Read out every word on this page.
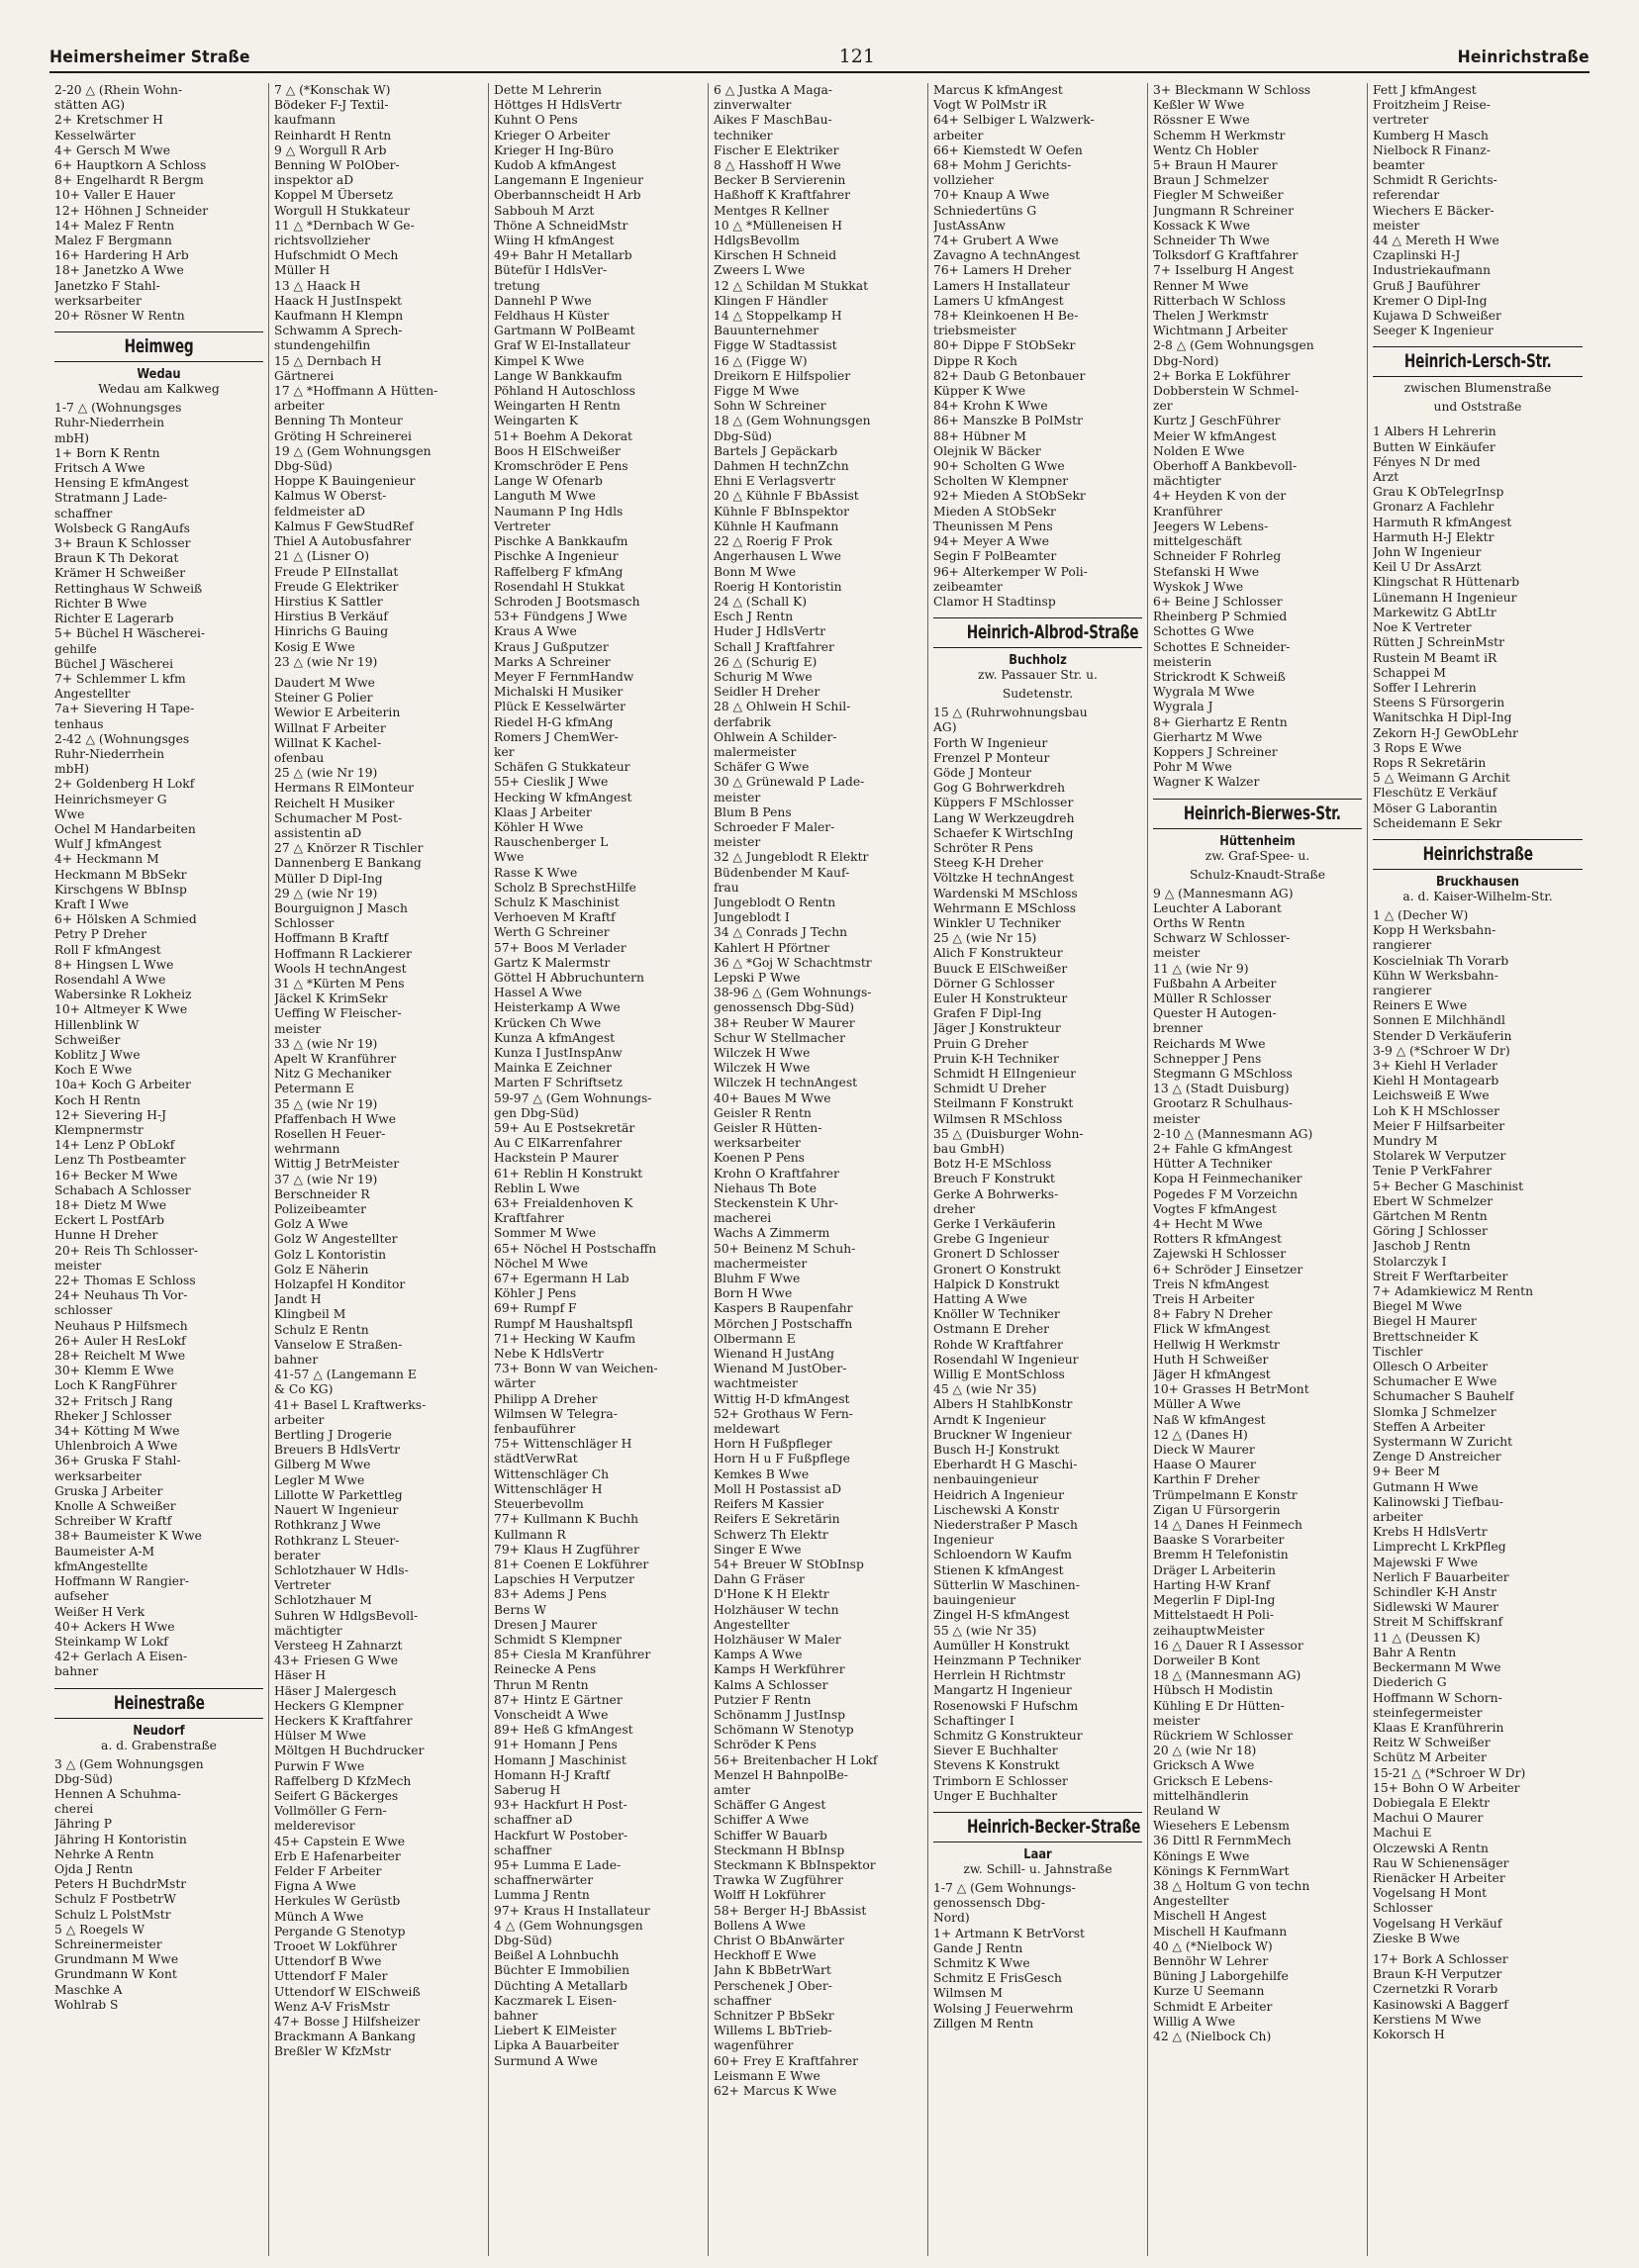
Heimersheimer Straße	121	Heinrichstraße
2-20 △ (Rhein Wohn-
stätten AG)
2+ Kretschmer H
Kesselwärter
4+ Gersch M Wwe
6+ Hauptkorn A Schloss
8+ Engelhardt R Bergm
10+ Valler E Hauer
12+ Höhnen J Schneider
14+ Malez F Rentn
Malez F Bergmann
16+ Hardering H Arb
18+ Janetzko A Wwe
Janetzko F Stahl-
werksarbeiter
20+ Rösner W Rentn
Heimweg
Wedau
Wedau am Kalkweg
1-7 △ (Wohnungsges
Ruhr-Niederrhein
mbH)
1+ Born K Rentn
Fritsch A Wwe
Hensing E kfmAngest
Stratmann J Lade-
schaffner
Wolsbeck G RangAufs
3+ Braun K Schlosser
Braun K Th Dekorat
Krämer H Schweißer
Rettinghaus W Schweiß
Richter B Wwe
Richter E Lagerarb
5+ Büchel H Wäscherei-
gehilfe
Büchel J Wäscherei
7+ Schlemmer L kfm
Angestellter
7a+ Sievering H Tape-
tenhaus
2-42 △ (Wohnungsges
Ruhr-Niederrhein
mbH)
2+ Goldenberg H Lokf
Heinrichsmeyer G
Wwe
Ochel M Handarbeiten
Wulf J kfmAngest
4+ Heckmann M
Heckmann M BbSekr
Kirschgens W BbInsp
Kraft I Wwe
6+ Hölsken A Schmied
Petry P Dreher
Roll F kfmAngest
8+ Hingsen L Wwe
Rosendahl A Wwe
Wabersinke R Lokheiz
10+ Altmeyer K Wwe
Hillenblink W
Schweißer
Koblitz J Wwe
Koch E Wwe
10a+ Koch G Arbeiter
Koch H Rentn
12+ Sievering H-J
Klempnermstr
14+ Lenz P ObLokf
Lenz Th Postbeamter
16+ Becker M Wwe
Schabach A Schlosser
18+ Dietz M Wwe
Eckert L PostfArb
Hunne H Dreher
20+ Reis Th Schlosser-
meister
22+ Thomas E Schloss
24+ Neuhaus Th Vor-
schlosser
Neuhaus P Hilfsmech
26+ Auler H ResLokf
28+ Reichelt M Wwe
30+ Klemm E Wwe
Loch K RangFührer
32+ Fritsch J Rang
Rheker J Schlosser
34+ Kötting M Wwe
Uhlenbroich A Wwe
36+ Gruska F Stahl-
werksarbeiter
Gruska J Arbeiter
Knolle A Schweißer
Schreiber W Kraftf
38+ Baumeister K Wwe
Baumeister A-M
kfmAngestellte
Hoffmann W Rangier-
aufseher
Weißer H Verk
40+ Ackers H Wwe
Steinkamp W Lokf
42+ Gerlach A Eisen-
bahner
Heinestraße
Neudorf
a. d. Grabenstraße
3 △ (Gem Wohnungsgen
Dbg-Süd)
Hennen A Schuhma-
cherei
Jähring P
Jähring H Kontoristin
Nehrke A Rentn
Ojda J Rentn
Peters H BuchdrMstr
Schulz F PostbetrW
Schulz L PolstMstr
5 △ Roegels W
Schreinermeister
Grundmann M Wwe
Grundmann W Kont
Maschke A
Wohlrab S
7 △ (*Konschak W)
Bödeker F-J Textil-
kaufmann
Reinhardt H Rentn
9 △ Worgull R Arb
Benning W PolOber-
inspektor aD
Koppel M Übersetz
Worgull H Stukkateur
11 △ *Dernbach W Ge-
richtsvollzieher
Hufschmidt O Mech
Müller H
13 △ Haack H
Haack H JustInspekt
Kaufmann H Klempn
Schwamm A Sprech-
stundengehilfin
15 △ Dernbach H
Gärtnerei
17 △ *Hoffmann A Hütten-
arbeiter
Benning Th Monteur
Gröting H Schreinerei
19 △ (Gem Wohnungsgen
Dbg-Süd)
Hoppe K Bauingenieur
Kalmus W Oberst-
feldmeister aD
Kalmus F GewStudRef
Thiel A Autobusfahrer
21 △ (Lisner O)
Freude P ElInstallat
Freude G Elektriker
Hirstius K Sattler
Hirstius B Verkäuf
Hinrichs G Bauing
Kosig E Wwe
23 △ (wie Nr 19)
Daudert M Wwe
Steiner G Polier
Wewior E Arbeiterin
Willnat F Arbeiter
Willnat K Kachel-
ofenbau
25 △ (wie Nr 19)
Hermans R ElMonteur
Reichelt H Musiker
Schumacher M Post-
assistentin aD
27 △ Knörzer R Tischler
Dannenberg E Bankang
Müller D Dipl-Ing
29 △ (wie Nr 19)
Bourguignon J Masch
Schlosser
Hoffmann B Kraftf
Hoffmann R Lackierer
Wools H technAngest
31 △ *Kürten M Pens
Jäckel K KrimSekr
Ueffing W Fleischer-
meister
33 △ (wie Nr 19)
Apelt W Kranführer
Nitz G Mechaniker
Petermann E
35 △ (wie Nr 19)
Pfaffenbach H Wwe
Rosellen H Feuer-
wehrmann
Wittig J BetrMeister
37 △ (wie Nr 19)
Berschneider R
Polizeibeamter
Golz A Wwe
Golz W Angestellter
Golz L Kontoristin
Golz E Näherin
Holzapfel H Konditor
Jandt H
Klingbeil M
Schulz E Rentn
Vanselow E Straßen-
bahner
41-57 △ (Langemann E
& Co KG)
41+ Basel L Kraftwerks-
arbeiter
Bertling J Drogerie
Breuers B HdlsVertr
Gilberg M Wwe
Legler M Wwe
Lillotte W Parkettleg
Nauert W Ingenieur
Rothkranz J Wwe
Rothkranz L Steuer-
berater
Schlotzhauer W Hdls-
Vertreter
Schlotzhauer M
Suhren W HdlgsBevoll-
mächtigter
Versteeg H Zahnarzt
43+ Friesen G Wwe
Häser H
Häser J Malergesch
Heckers G Klempner
Heckers K Kraftfahrer
Hülser M Wwe
Möltgen H Buchdrucker
Purwin F Wwe
Raffelberg D KfzMech
Seifert G Bäckerges
Vollmöller G Fern-
melderevisor
45+ Capstein E Wwe
Erb E Hafenarbeiter
Felder F Arbeiter
Figna A Wwe
Herkules W Gerüstb
Münch A Wwe
Pergande G Stenotyp
Trooet W Lokführer
Uttendorf B Wwe
Uttendorf F Maler
Uttendorf W ElSchweiß
Wenz A-V FrisMstr
47+ Bosse J Hilfsheizer
Brackmann A Bankang
Breßler W KfzMstr
Dette M Lehrerin
Höttges H HdlsVertr
Kuhnt O Pens
Krieger O Arbeiter
Krieger H Ing-Büro
Kudob A kfmAngest
Langemann E Ingenieur
Oberbannscheidt H Arb
Sabbouh M Arzt
Thöne A SchneidMstr
Wiing H kfmAngest
49+ Bahr H Metallarb
Bütefür I HdlsVer-
tretung
Dannehl P Wwe
Feldhaus H Küster
Gartmann W PolBeamt
Graf W El-Installateur
Kimpel K Wwe
Lange W Bankkaufm
Pöhland H Autoschloss
Weingarten H Rentn
Weingarten K
51+ Boehm A Dekorat
Boos H ElSchweißer
Kromschröder E Pens
Lange W Ofenarb
Languth M Wwe
Naumann P Ing Hdls
Vertreter
Pischke A Bankkaufm
Pischke A Ingenieur
Raffelberg F kfmAng
Rosendahl H Stukkat
Schroden J Bootsmasch
53+ Fündgens J Wwe
Kraus A Wwe
Kraus J Gußputzer
Marks A Schreiner
Meyer F FernmHandw
Michalski H Musiker
Plück E Kesselwärter
Riedel H-G kfmAng
Romers J ChemWer-
ker
Schäfen G Stukkateur
55+ Cieslik J Wwe
Hecking W kfmAngest
Klaas J Arbeiter
Köhler H Wwe
Rauschenberger L
Wwe
Rasse K Wwe
Scholz B SprechstHilfe
Schulz K Maschinist
Verhoeven M Kraftf
Werth G Schreiner
57+ Boos M Verlader
Gartz K Malermstr
Göttel H Abbruchuntern
Hassel A Wwe
Heisterkamp A Wwe
Krücken Ch Wwe
Kunza A kfmAngest
Kunza I JustInspAnw
Mainka E Zeichner
Marten F Schriftsetz
59-97 △ (Gem Wohnungs-
gen Dbg-Süd)
59+ Au E Postsekretär
Au C ElKarrenfahrer
Hackstein P Maurer
61+ Reblin H Konstrukt
Reblin L Wwe
63+ Freialdenhoven K
Kraftfahrer
Sommer M Wwe
65+ Nöchel H Postschaffn
Nöchel M Wwe
67+ Egermann H Lab
Köhler J Pens
69+ Rumpf F
Rumpf M Haushaltspfl
71+ Hecking W Kaufm
Nebe K HdlsVertr
73+ Bonn W van Weichen-
wärter
Philipp A Dreher
Wilmsen W Telegra-
fenbauführer
75+ Wittenschläger H
städtVerwRat
Wittenschläger Ch
Wittenschläger H
Steuerbevollm
77+ Kullmann K Buchh
Kullmann R
79+ Klaus H Zugführer
81+ Coenen E Lokführer
Lapschies H Verputzer
83+ Adems J Pens
Berns W
Dresen J Maurer
Schmidt S Klempner
85+ Ciesla M Kranführer
Reinecke A Pens
Thrun M Rentn
87+ Hintz E Gärtner
Vonscheidt A Wwe
89+ Heß G kfmAngest
91+ Homann J Pens
Homann J Maschinist
Homann H-J Kraftf
Saberug H
93+ Hackfurt H Post-
schaffner aD
Hackfurt W Postober-
schaffner
95+ Lumma E Lade-
schaffnerwärter
Lumma J Rentn
97+ Kraus H Installateur
4 △ (Gem Wohnungsgen
Dbg-Süd)
Beißel A Lohnbuchh
Büchter E Immobilien
Düchting A Metallarb
Kaczmarek L Eisen-
bahner
Liebert K ElMeister
Lipka A Bauarbeiter
Surmund A Wwe
6 △ Justka A Maga-
zinverwalter
Aikes F MaschBau-
techniker
Fischer E Elektriker
8 △ Hasshoff H Wwe
Becker B Servierenin
Haßhoff K Kraftfahrer
Mentges R Kellner
10 △ *Mülleneisen H
HdlgsBevollm
Kirschen H Schneid
Zweers L Wwe
12 △ Schildan M Stukkat
Klingen F Händler
14 △ Stoppelkamp H
Bauunternehmer
Figge W Stadtassist
16 △ (Figge W)
Dreikorn E Hilfspolier
Figge M Wwe
Sohn W Schreiner
18 △ (Gem Wohnungsgen
Dbg-Süd)
Bartels J Gepäckarb
Dahmen H technZchn
Ehni E Verlagsvertr
20 △ Kühnle F BbAssist
Kühnle F BbInspektor
Kühnle H Kaufmann
22 △ Roerig F Prok
Angerhausen L Wwe
Bonn M Wwe
Roerig H Kontoristin
24 △ (Schall K)
Esch J Rentn
Huder J HdlsVertr
Schall J Kraftfahrer
26 △ (Schurig E)
Schurig M Wwe
Seidler H Dreher
28 △ Ohlwein H Schil-
derfabrik
Ohlwein A Schilder-
malermeister
Schäfer G Wwe
30 △ Grünewald P Lade-
meister
Blum B Pens
Schroeder F Maler-
meister
32 △ Jungeblodt R Elektr
Büdenbender M Kauf-
frau
Jungeblodt O Rentn
Jungeblodt I
34 △ Conrads J Techn
Kahlert H Pförtner
36 △ *Goj W Schachtmstr
Lepski P Wwe
38-96 △ (Gem Wohnungs-
genossensch Dbg-Süd)
38+ Reuber W Maurer
Schur W Stellmacher
Wilczek H Wwe
Wilczek H Wwe
Wilczek H technAngest
40+ Baues M Wwe
Geisler R Rentn
Geisler R Hütten-
werksarbeiter
Koenen P Pens
Krohn O Kraftfahrer
Niehaus Th Bote
Steckenstein K Uhr-
macherei
Wachs A Zimmerm
50+ Beinenz M Schuh-
machermeister
Bluhm F Wwe
Born H Wwe
Kaspers B Raupenfahr
Mörchen J Postschaffn
Olbermann E
Wienand H JustAng
Wienand M JustOber-
wachtmeister
Wittig H-D kfmAngest
52+ Grothaus W Fern-
meldewart
Horn H Fußpfleger
Horn H u F Fußpflege
Kemkes B Wwe
Moll H Postassist aD
Reifers M Kassier
Reifers E Sekretärin
Schwerz Th Elektr
Singer E Wwe
54+ Breuer W StObInsp
Dahn G Fräser
D'Hone K H Elektr
Holzhäuser W techn
Angestellter
Holzhäuser W Maler
Kamps A Wwe
Kamps H Werkführer
Kalms A Schlosser
Putzier F Rentn
Schönamm J JustInsp
Schömann W Stenotyp
Schröder K Pens
56+ Breitenbacher H Lokf
Menzel H BahnpolBe-
amter
Schäffer G Angest
Schiffer A Wwe
Schiffer W Bauarb
Steckmann H BbInsp
Steckmann K BbInspektor
Trawka W Zugführer
Wolff H Lokführer
58+ Berger H-J BbAssist
Bollens A Wwe
Christ O BbAnwärter
Heckhoff E Wwe
Jahn K BbBetrWart
Perschenek J Ober-
schaffner
Schnitzer P BbSekr
Willems L BbTrieb-
wagenführer
60+ Frey E Kraftfahrer
Leismann E Wwe
62+ Marcus K Wwe
Marcus K kfmAngest
Vogt W PolMstr iR
64+ Selbiger L Walzwerk-
arbeiter
66+ Kiemstedt W Oefen
68+ Mohm J Gerichts-
vollzieher
70+ Knaup A Wwe
Schniedertüns G
JustAssAnw
74+ Grubert A Wwe
Zavagno A technAngest
76+ Lamers H Dreher
Lamers H Installateur
Lamers U kfmAngest
78+ Kleinkoenen H Be-
triebsmeister
80+ Dippe F StObSekr
Dippe R Koch
82+ Daub G Betonbauer
Küpper K Wwe
84+ Krohn K Wwe
86+ Manszke B PolMstr
88+ Hübner M
Olejnik W Bäcker
90+ Scholten G Wwe
Scholten W Klempner
92+ Mieden A StObSekr
Mieden A StObSekr
Theunissen M Pens
94+ Meyer A Wwe
Segin F PolBeamter
96+ Alterkemper W Poli-
zeibeamter
Clamor H Stadtinsp
Heinrich-Albrod-Straße
Buchholz
zw. Passauer Str. u.
Sudetenstr.
15 △ (Ruhrwohnungsbau
AG)
Forth W Ingenieur
Frenzel P Monteur
Göde J Monteur
Gog G Bohrwerkdreh
Küppers F MSchlosser
Lang W Werkzeugdreh
Schaefer K WirtschIng
Schröter R Pens
Steeg K-H Dreher
Völtzke H technAngest
Wardenski M MSchloss
Wehrmann E MSchloss
Winkler U Techniker
25 △ (wie Nr 15)
Alich F Konstrukteur
Buuck E ElSchweißer
Dörner G Schlosser
Euler H Konstrukteur
Grafen F Dipl-Ing
Jäger J Konstrukteur
Pruin G Dreher
Pruin K-H Techniker
Schmidt H ElIngenieur
Schmidt U Dreher
Steilmann F Konstrukt
Wilmsen R MSchloss
35 △ (Duisburger Wohn-
bau GmbH)
Botz H-E MSchloss
Breuch F Konstrukt
Gerke A Bohrwerks-
dreher
Gerke I Verkäuferin
Grebe G Ingenieur
Gronert D Schlosser
Gronert O Konstrukt
Halpick D Konstrukt
Hatting A Wwe
Knöller W Techniker
Ostmann E Dreher
Rohde W Kraftfahrer
Rosendahl W Ingenieur
Willig E MontSchloss
45 △ (wie Nr 35)
Albers H StahlbKonstr
Arndt K Ingenieur
Bruckner W Ingenieur
Busch H-J Konstrukt
Eberhardt H G Maschi-
nenbauingenieur
Heidrich A Ingenieur
Lischewski A Konstr
Niederstraßer P Masch
Ingenieur
Schloendorn W Kaufm
Stienen K kfmAngest
Sütterlin W Maschinen-
bauingenieur
Zingel H-S kfmAngest
55 △ (wie Nr 35)
Aumüller H Konstrukt
Heinzmann P Techniker
Herrlein H Richtmstr
Mangartz H Ingenieur
Rosenowski F Hufschm
Schaftinger I
Schmitz G Konstrukteur
Siever E Buchhalter
Stevens K Konstrukt
Trimborn E Schlosser
Unger E Buchhalter
Heinrich-Becker-Straße
Laar
zw. Schill- u. Jahnstraße
1-7 △ (Gem Wohnungs-
genossensch Dbg-
Nord)
1+ Artmann K BetrVorst
Gande J Rentn
Schmitz K Wwe
Schmitz E FrisGesch
Wilmsen M
Wolsing J Feuerwehrm
Zillgen M Rentn
3+ Bleckmann W Schloss
Keßler W Wwe
Rössner E Wwe
Schemm H Werkmstr
Wentz Ch Hobler
5+ Braun H Maurer
Braun J Schmelzer
Fiegler M Schweißer
Jungmann R Schreiner
Kossack K Wwe
Schneider Th Wwe
Tolksdorf G Kraftfahrer
7+ Isselburg H Angest
Renner M Wwe
Ritterbach W Schloss
Thelen J Werkmstr
Wichtmann J Arbeiter
2-8 △ (Gem Wohnungsgen
Dbg-Nord)
2+ Borka E Lokführer
Dobberstein W Schmel-
zer
Kurtz J GeschFührer
Meier W kfmAngest
Nolden E Wwe
Oberhoff A Bankbevoll-
mächtigter
4+ Heyden K von der
Kranführer
Jeegers W Lebens-
mittelgeschäft
Schneider F Rohrleg
Stefanski H Wwe
Wyskok J Wwe
6+ Beine J Schlosser
Rheinberg P Schmied
Schottes G Wwe
Schottes E Schneider-
meisterin
Strickrodt K Schweiß
Wygrala M Wwe
Wygrala J
8+ Gierhartz E Rentn
Gierhartz M Wwe
Koppers J Schreiner
Pohr M Wwe
Wagner K Walzer
Heinrich-Bierwes-Str.
Hüttenheim
zw. Graf-Spee- u.
Schulz-Knaudt-Straße
9 △ (Mannesmann AG)
Leuchter A Laborant
Orths W Rentn
Schwarz W Schlosser-
meister
11 △ (wie Nr 9)
Fußbahn A Arbeiter
Müller R Schlosser
Quester H Autogen-
brenner
Reichards M Wwe
Schnepper J Pens
Stegmann G MSchloss
13 △ (Stadt Duisburg)
Grootarz R Schulhaus-
meister
2-10 △ (Mannesmann AG)
2+ Fahle G kfmAngest
Hütter A Techniker
Kopa H Feinmechaniker
Pogedes F M Vorzeichn
Vogtes F kfmAngest
4+ Hecht M Wwe
Rotters R kfmAngest
Zajewski H Schlosser
6+ Schröder J Einsetzer
Treis N kfmAngest
Treis H Arbeiter
8+ Fabry N Dreher
Flick W kfmAngest
Hellwig H Werkmstr
Huth H Schweißer
Jäger H kfmAngest
10+ Grasses H BetrMont
Müller A Wwe
Naß W kfmAngest
12 △ (Danes H)
Dieck W Maurer
Haase O Maurer
Karthin F Dreher
Trümpelmann E Konstr
Zigan U Fürsorgerin
14 △ Danes H Feinmech
Baaske S Vorarbeiter
Bremm H Telefonistin
Dräger L Arbeiterin
Harting H-W Kranf
Megerlin F Dipl-Ing
Mittelstaedt H Poli-
zeihauptwMeister
16 △ Dauer R I Assessor
Dorweiler B Kont
18 △ (Mannesmann AG)
Hübsch H Modistin
Kühling E Dr Hütten-
meister
Rückriem W Schlosser
20 △ (wie Nr 18)
Gricksch A Wwe
Gricksch E Lebens-
mittelhändlerin
Reuland W
Wiesehers E Lebensm
36 Dittl R FernmMech
Könings E Wwe
Könings K FernmWart
38 △ Holtum G von techn
Angestellter
Mischell H Angest
Mischell H Kaufmann
40 △ (*Nielbock W)
Bennöhr W Lehrer
Büning J Laborgehilfe
Kurze U Seemann
Schmidt E Arbeiter
Willig A Wwe
42 △ (Nielbock Ch)
Fett J kfmAngest
Froitzheim J Reise-
vertreter
Kumberg H Masch
Nielbock R Finanz-
beamter
Schmidt R Gerichts-
referendar
Wiechers E Bäcker-
meister
44 △ Mereth H Wwe
Czaplinski H-J
Industriekaufmann
Gruß J Bauführer
Kremer O Dipl-Ing
Kujawa D Schweißer
Seeger K Ingenieur
Heinrich-Lersch-Str.
zwischen Blumenstraße
und Oststraße
1 Albers H Lehrerin
Butten W Einkäufer
Fényes N Dr med
Arzt
Grau K ObTelegrInsp
Gronarz A Fachlehr
Harmuth R kfmAngest
Harmuth H-J Elektr
John W Ingenieur
Keil U Dr AssArzt
Klingschat R Hüttenarb
Lünemann H Ingenieur
Markewitz G AbtLtr
Noe K Vertreter
Rütten J SchreinMstr
Rustein M Beamt iR
Schappei M
Soffer I Lehrerin
Steens S Fürsorgerin
Wanitschka H Dipl-Ing
Zekorn H-J GewObLehr
3 Rops E Wwe
Rops R Sekretärin
5 △ Weimann G Archit
Fleschütz E Verkäuf
Möser G Laborantin
Scheidemann E Sekr
Heinrichstraße
Bruckhausen
a. d. Kaiser-Wilhelm-Str.
1 △ (Decher W)
Kopp H Werksbahn-
rangierer
Koscielniak Th Vorarb
Kühn W Werksbahn-
rangierer
Reiners E Wwe
Sonnen E Milchhändl
Stender D Verkäuferin
3-9 △ (*Schroer W Dr)
3+ Kiehl H Verlader
Kiehl H Montagearb
Leichsweiß E Wwe
Loh K H MSchlosser
Meier F Hilfsarbeiter
Mundry M
Stolarek W Verputzer
Tenie P VerkFahrer
5+ Becher G Maschinist
Ebert W Schmelzer
Gärtchen M Rentn
Göring J Schlosser
Jaschob J Rentn
Stolarczyk I
Streit F Werftarbeiter
7+ Adamkiewicz M Rentn
Biegel M Wwe
Biegel H Maurer
Brettschneider K
Tischler
Ollesch O Arbeiter
Schumacher E Wwe
Schumacher S Bauhelf
Slomka J Schmelzer
Steffen A Arbeiter
Systermann W Zuricht
Zenge D Anstreicher
9+ Beer M
Gutmann H Wwe
Kalinowski J Tiefbau-
arbeiter
Krebs H HdlsVertr
Limprecht L KrkPfleg
Majewski F Wwe
Nerlich F Bauarbeiter
Schindler K-H Anstr
Sidlewski W Maurer
Streit M Schiffskranf
11 △ (Deussen K)
Bahr A Rentn
Beckermann M Wwe
Diederich G
Hoffmann W Schorn-
steinfegermeister
Klaas E Kranführerin
Reitz W Schweißer
Schütz M Arbeiter
15-21 △ (*Schroer W Dr)
15+ Bohn O W Arbeiter
Dobiegala E Elektr
Machui O Maurer
Machui E
Olczewski A Rentn
Rau W Schienensäger
Rienäcker H Arbeiter
Vogelsang H Mont
Schlosser
Vogelsang H Verkäuf
Zieske B Wwe
17+ Bork A Schlosser
Braun K-H Verputzer
Czernetzki R Vorarb
Kasinowski A Baggerf
Kerstiens M Wwe
Kokorsch H
